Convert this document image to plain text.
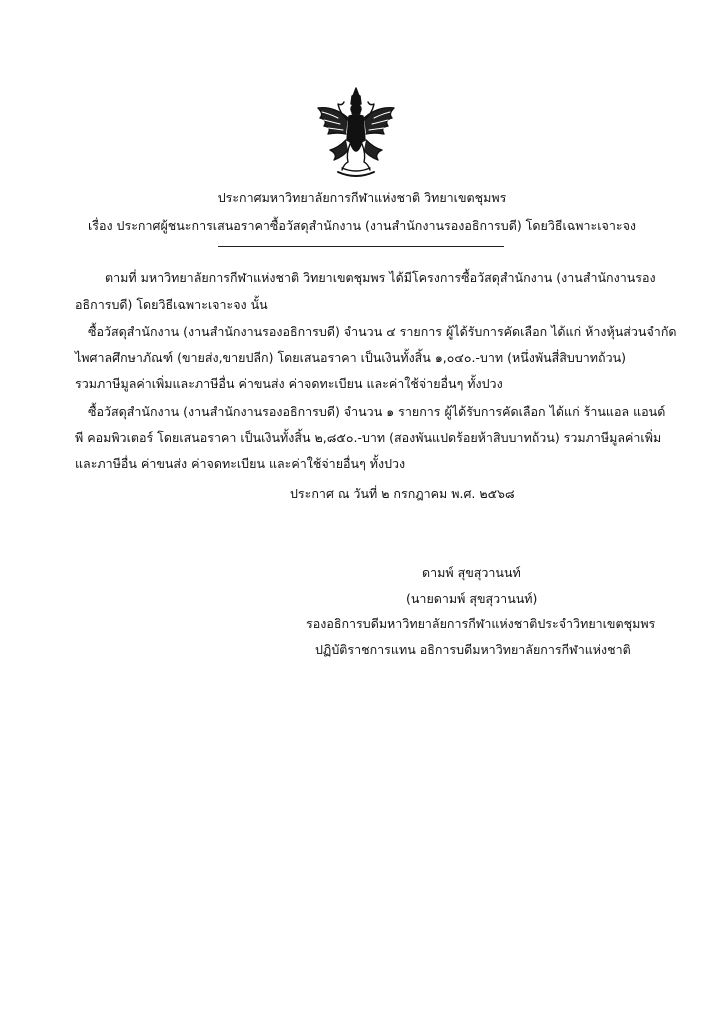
ประกาศมหาวิทยาลัยการกีฬาแห่งชาติ วิทยาเขตชุมพร
เรื่อง ประกาศผู้ชนะการเสนอราคาซื้อวัสดุสำนักงาน (งานสำนักงานรองอธิการบดี) โดยวิธีเฉพาะเจาะจง
ตามที่ มหาวิทยาลัยการกีฬาแห่งชาติ วิทยาเขตชุมพร ได้มีโครงการซื้อวัสดุสำนักงาน (งานสำนักงานรอง
อธิการบดี) โดยวิธีเฉพาะเจาะจง นั้น
ซื้อวัสดุสำนักงาน (งานสำนักงานรองอธิการบดี) จำนวน ๔ รายการ ผู้ได้รับการคัดเลือก ได้แก่ ห้างหุ้นส่วนจำกัด
ไพศาลศึกษาภัณฑ์ (ขายส่ง,ขายปลีก) โดยเสนอราคา เป็นเงินทั้งสิ้น ๑,๐๔๐.-บาท (หนึ่งพันสี่สิบบาทถ้วน)
รวมภาษีมูลค่าเพิ่มและภาษีอื่น ค่าขนส่ง ค่าจดทะเบียน และค่าใช้จ่ายอื่นๆ ทั้งปวง
ซื้อวัสดุสำนักงาน (งานสำนักงานรองอธิการบดี) จำนวน ๑ รายการ ผู้ได้รับการคัดเลือก ได้แก่ ร้านแอล แอนด์
พี คอมพิวเตอร์ โดยเสนอราคา เป็นเงินทั้งสิ้น ๒,๘๕๐.-บาท (สองพันแปดร้อยห้าสิบบาทถ้วน) รวมภาษีมูลค่าเพิ่ม
และภาษีอื่น ค่าขนส่ง ค่าจดทะเบียน และค่าใช้จ่ายอื่นๆ ทั้งปวง
ประกาศ ณ วันที่ ๒ กรกฎาคม พ.ศ. ๒๕๖๘
ดามพ์ สุขสุวานนท์
(นายดามพ์ สุขสุวานนท์)
รองอธิการบดีมหาวิทยาลัยการกีฬาแห่งชาติประจำวิทยาเขตชุมพร
ปฏิบัติราชการแทน อธิการบดีมหาวิทยาลัยการกีฬาแห่งชาติ
